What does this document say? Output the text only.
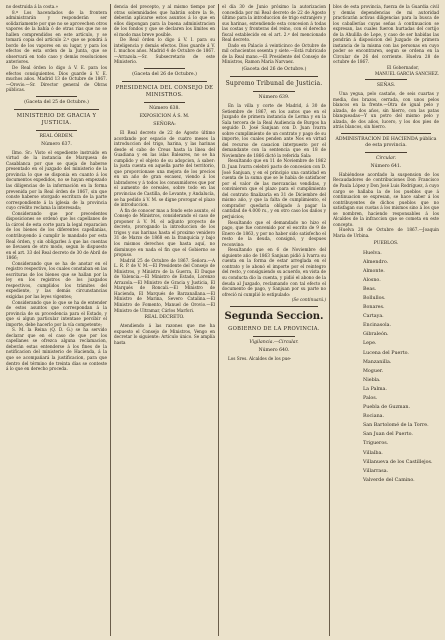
no destruida á la costa.»

8.ª Los hacendados de la frontera administrarán y responderán ser solidariamente por que no se aprovechen otros vapores de la bahía ó de otras rias que no se hallen comprendidos en este artículo, y se tomará copia del artículo 2.º que se pondrá á bordo de los vapores en su lugar, y para los efectos de esta orden de la Junta, que se observará en todo caso y demás resoluciones anteriores.

De Real órden lo digo á V. E. para los efectos consiguientes. Dios guarde á V. E. muchos años. Madrid 13 de Octubre de 1867.—Orovio.—Sr. Director general de Obras públicas.

(Gaceta del 25 de Octubre.)

MINISTERIO DE GRACIA Y JUSTICIA.

REAL ÓRDEN.

Número 637.

Ilmo. Sr.: Visto el expediente instruido en virtud de la instancia de Marquesa de Casablanca por que se queja de haberse presentado en el juzgado del ministerio de la provincia lo que se disponia en cuanto á los documentos expedidos, no se hayan empezado las diligencias de la información en la forma prevenida por la Real órden de 1867, sin que conste haberse otorgado escritura de la parte correspondiente á la iglesia de la provincia cuyo crédito reclama la interesada;

Considerando que por precedentes disposiciones se ordenó que los capellanes de la cárcel de esta corte para la legal reparacion de los bienes de los diferentes capellanías, contribuyendo á cumplir lo mandado por esta Real órden, y sin obligarles á que las cuentas se llevasen de otro modo, segun lo dispuesto en el art. 33 del Real decreto de 30 de Abril de 1866;

Considerando que se ha de anotar en el registro respectivo, los cuales constaban en las escrituras de los bienes que se hallan por la ley en los registros de los juzgados respectivos, cumplidos los trámites del expediente, y las demás circunstancias exigidas por las leyes vigentes;

Considerando que lo que se ha de entender de estos asuntos que correspondan á la provincia de su procedencia para el Estado, y que si algun particular intentase percibir el importe, debe hacerlo por la vía competente;

S. M. la Reina (Q. D. G.) se ha servido declarar que en el caso de que por los capellanes se ofrezca alguna reclamacion, deberán estas entenderse á los fines de la notificacion del ministerio de Hacienda, á la que se acompañará la justificacion, para que dentro del término de treinta días se conteste á lo que en derecho proceda.

dencia del precepto, y al mismo tiempo por otras solemnidades que habrán sobre la fe, deberán aplicarse estos asuntos á lo que en ellos dispongan para la buena administracion de los fondos y que se declaren los límites en el modo mas breve posible.

De Real órden lo digo á V. I. para su inteligencia y demás efectos. Dios guarde á V. I. muchos años. Madrid 4 de Octubre de 1867.—Arrazola.—Sr. Subsecretario de este Ministerio.

(Gaceta del 26 de Octubre.)

PRESIDENCIA DEL CONSEJO DE MINISTROS.

Número 638.

EXPOSICION Á S. M.

SEÑORA:

El Real decreto de 22 de Agosto último acordando por espacio de cuatro meses la introduccion del trigo, harina, y las harinas desde el cabo de Creus hasta la línea del Guadiana y en las islas Baleares, no se ha cumplido y el objeto de su adopcion, á saber: la justa cuenta en aquella parte del territorio, que proporcionase una mejora de los precios en un año de gran escasez, viendo á los labradores y á todos los consumidores que por el aumento de cereales, sobre todo en las provincias de Castilla, de Levante, y Andalucía, se ha pedido á V. M. se digne prorogar el plazo de introduccion.

Á fin de conocer mas a fondo este asunto, el Consejo de Ministros, considerando el caso de proponer á V. M. el adjunto proyecto de decreto, prorogando la introduccion de los trigos y sus harinas hasta el proximo venidero 31 de Marzo de 1868 en la franquicia y bajo los mismos derechos que hasta aquí, no disminuye en nada el fin que el Gobierno se propuso.

Madrid 25 de Octubre de 1867. Señora.—A L. R. P. de V. M.—El Presidente del Consejo de Ministros, y Ministro de la Guerra, El Duque de Valencia.—El Ministro de Estado, Lorenzo Arrazola.—El Ministro de Gracia y Justicia, El Marqués de Roncali.—El Ministro de Hacienda, El Marqués de Barzanallana.—El Ministro de Marina, Severo Catalina.—El Ministro de Fomento, Manuel de Orovio.—El Ministro de Ultramar, Cárlos Marfori.

REAL DECRETO.

Atendiendo á las razones que me ha expuesto el Consejo de Ministros, Vengo en decretar lo siguiente: Artículo único. Se amplía hasta

el día 30 de Junio próximo la autorizacion concedida por mi Real decreto de 22 de Agosto último para la introduccion de trigo extranjero y sus harinas, extendiendo esta concesion á todas las costas y fronteras del reino, con el derecho fiscal establecido en el art. 2.º del mencionado Real decreto.

Dado en Palacio á veinticinco de Octubre de mil ochocientos sesenta y siete.—Está rubricado de la Real mano.—El Presidente del Consejo de Ministros, Ramon María Narvaez.

(Gaceta del 26 de Octubre.)

Supremo Tribunal de Justicia.

Número 639.

En la villa y corte de Madrid, á 30 de Setiembre de 1867, en los autos que en el Juzgado de primera instancia de Lerma y en la Sala tercera de la Real Audiencia de Burgos ha seguido D. José Sanjuan con D. Juan Ivarra sobre cumplimiento de un contrato y pago de su importe, los cuales penden ante Nos en virtud del recurso de casacion interpuesto por el demandante con la sentencia que en 18 de Noviembre de 1866 dictó la referida Sala:

Resultando que en 11 de Noviembre de 1862 D. Juan Ivarra celebró pacto de concesion con D. José Sanjuan, y en el principio una cantidad en cuenta de la suma que se le había de satisfacer por el valor de las mercancías vendidas, y convinieron que el plazo para el cumplimiento del contrato finalizaría en 31 de Diciembre del mismo año, y que la falta de cumplimiento, el comprador quedaria obligado á pagar la cantidad de 4.000 rs., y en otro caso los daños y perjuicios;

Resultando que el demandado no hizo el pago, que fue convenido por el escrito de 9 de Enero de 1863, y por no haber sido satisfecho el resto de la deuda, consignó, y despues reconvino:

Resultando que en 6 de Noviembre del siguiente año de 1863 Sanjuan pidió á Ivarra su cuenta en la forma de estar arreglada en el contrato y le abonó el importe por el reintegro del resto, y consiguiendo su acuerdo, en vista de su conducta dio la cuenta, y pidió el abono de la deuda al Juzgado, reclamando con tal efecto el documento de pago, y Sanjuan por su parte no ofreció ni cumplió lo estipulado:

(Se continuará.)

Segunda Seccion.

GOBIERNO DE LA PROVINCIA.

Vigilancia.—Circular.

Número 640.

Los Sres. Alcaldes de los pue-

blos de esta provincia, fuerza de la Guardia civil y demás dependencias de mi autoridad practicarán activas diligencias para la busca de los caballerías cuyas señas á continuacion se expresan, las cuales fueron hurtadas del cortijo de la Ahulilla de Lepe, y caso de ser habidas las pondrán á disposicion del Juzgado de primera instancia de la misma con las personas en cuyo poder se encontraren, segun se ordena en la Circular de 26 del corriente. Huelva 28 de octubre de 1867.

El Gobernador,

MANUEL GARCIA SANCHEZ.

SEÑAS.

Una yegua, pelo castaño, de seis cuartas y media, dos brazos, cerrada, con unos pelos blancos en la frente.—Otra de igual pelo y alzada, de dos años, sin hierro, con las patas blanqueadas—Y un potro del mismo pelo y alzada, de dos años, lucero, y los dos pies de atrás blancos, sin hierro.

ADMINISTRACION DE HACIENDA pública de esta provincia.

Circular.

Número 641.

Habiéndose acordado la suspension de los Recaudadores de contribuciones Don Francisco de Paula López y Don José Luis Rodríguez, á cuyo cargo se hallaba la de los pueblos que á continuacion se expresan, se hace saber á los contribuyentes de dichos pueblos que no satisfagan sus cuotas á los mismos sino á los que se nombren, haciendo responsables á los Alcaldes de la infraccion que se cometa en este concepto.

Huelva 28 de Octubre de 1867.—Joaquin Maria de Urbina.

PUEBLOS.

Huelva.
Almendro.
Almonte.
Alosno.
Beas.
Bollullos.
Bonares.
Cartaya.
Encinasola.
Gibraleón.
Lepe.
Lucena del Puerto.
Manzanilla.
Moguer.
Niebla.
La Palma.
Palos.
Puebla de Guzman.
Rociana.
San Bartolomé de la Torre.
San Juan del Puerto.
Trigueros.
Villalba.
Villanueva de los Castillejos.
Villarrasa.
Valverde del Camino.
